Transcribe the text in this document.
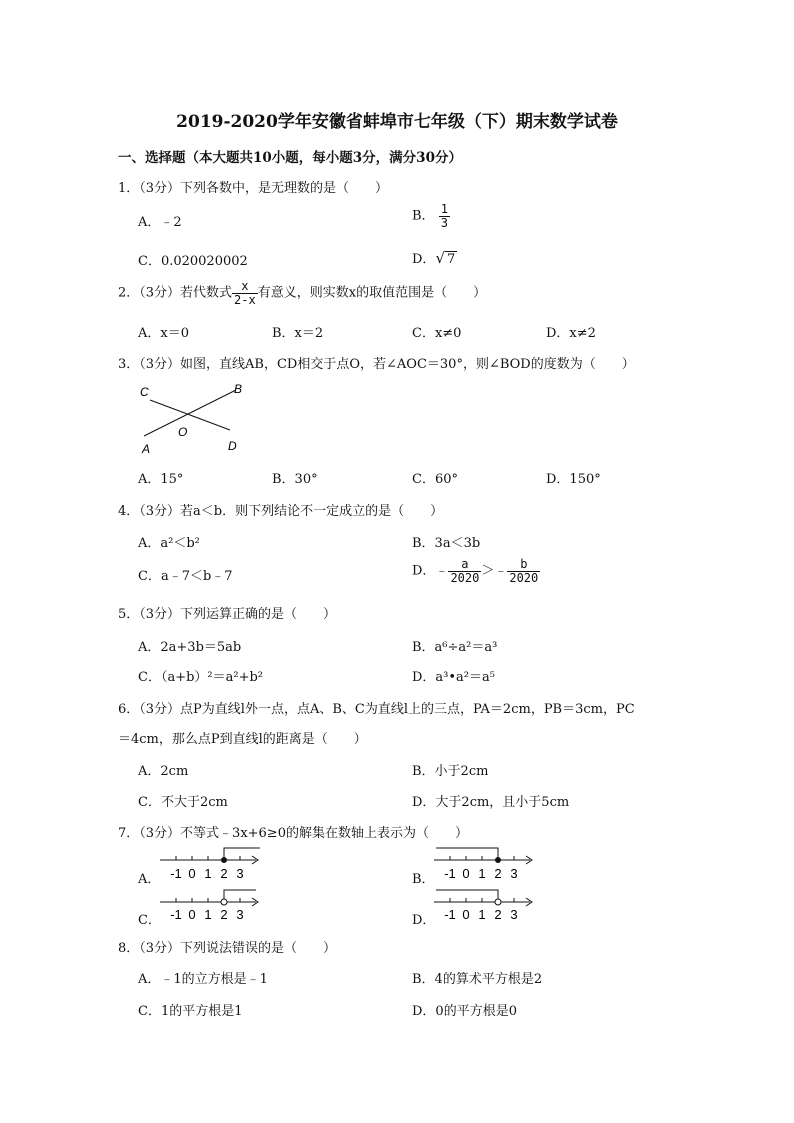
2019-2020学年安徽省蚌埠市七年级（下）期末数学试卷
一、选择题（本大题共10小题，每小题3分，满分30分）
1．（3分）下列各数中，是无理数的是（　　）
A．﹣2	B． $\frac{1}{3}$
C．0.020020002	D．√ 7
2．（3分）若代数式 $\frac{x}{2-x}$ 有意义，则实数x的取值范围是（　　）
A．x＝0	B．x＝2	C．x≠0	D．x≠2
3．（3分）如图，直线AB，CD相交于点O，若∠AOC＝30°，则∠BOD的度数为（　　）
C	B
O
A	D
A．15°	B．30°	C．60°	D．150°
4．（3分）若a＜b．则下列结论不一定成立的是（　　）
A．a²＜b²	B．3a＜3b
C．a﹣7＜b﹣7	D．﹣ $\frac{a}{2020}$ ＞﹣ $\frac{b}{2020}$
5．（3分）下列运算正确的是（　　）
A．2a+3b＝5ab	B．a⁶÷a²＝a³
C．（a+b）²＝a²+b²	D．a³•a²＝a⁵
6．（3分）点P为直线l外一点，点A、B、C为直线l上的三点，PA＝2cm，PB＝3cm，PC
＝4cm，那么点P到直线l的距离是（　　）
A．2cm	B．小于2cm
C．不大于2cm	D．大于2cm，且小于5cm
7．（3分）不等式﹣3x+6≥0的解集在数轴上表示为（　　）
A． -1 0 1 2 3	B． -1 0 1 2 3
C． -1 0 1 2 3	D． -1 0 1 2 3
8．（3分）下列说法错误的是（　　）
A．﹣1的立方根是﹣1	B．4的算术平方根是2
C．1的平方根是1	D．0的平方根是0
